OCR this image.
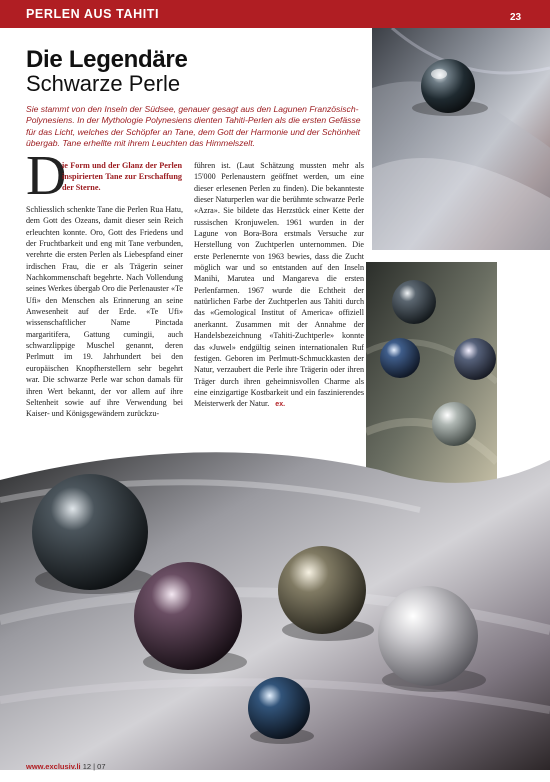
PERLEN AUS TAHITI	23
Die Legendäre
Schwarze Perle
Sie stammt von den Inseln der Südsee, genauer gesagt aus den Lagunen Französisch-Polynesiens. In der Mythologie Polynesiens dienten Tahiti-Perlen als die ersten Gefässe für das Licht, welches der Schöpfer an Tane, dem Gott der Harmonie und der Schönheit übergab. Tane erhellte mit ihrem Leuchten das Himmelszelt.
D
ie Form und der Glanz der Perlen inspirierten Tane zur Erschaffung der Sterne.
Schliesslich schenkte Tane die Perlen Rua Hatu, dem Gott des Ozeans, damit dieser sein Reich erleuchten konnte. Oro, Gott des Friedens und der Fruchtbarkeit und eng mit Tane verbunden, verehrte die ersten Perlen als Liebespfand einer irdischen Frau, die er als Trägerin seiner Nachkommenschaft begehrte. Nach Vollendung seines Werkes übergab Oro die Perlenauster «Te Ufi» den Menschen als Erinnerung an seine Anwesenheit auf der Erde. «Te Ufi» wissenschaftlicher Name Pinctada margaritifera, Gattung cumingii, auch schwarzlippige Muschel genannt, deren Perlmutt im 19. Jahrhundert bei den europäischen Knopfherstellern sehr begehrt war. Die schwarze Perle war schon damals für ihren Wert bekannt, der vor allem auf ihre Seltenheit sowie auf ihre Verwendung bei Kaiser- und Königsgewändern zurückzu-
führen ist. (Laut Schätzung mussten mehr als 15'000 Perlenaustern geöffnet werden, um eine dieser erlesenen Perlen zu finden). Die bekannteste dieser Naturperlen war die berühmte schwarze Perle «Azra». Sie bildete das Herzstück einer Kette der russischen Kronjuwelen. 1961 wurden in der Lagune von Bora-Bora erstmals Versuche zur Herstellung von Zuchtperlen unternommen. Die erste Perlenernte von 1963 bewies, dass die Zucht möglich war und so entstanden auf den Inseln Manihi, Marutea und Mangareva die ersten Perlenfarmen. 1967 wurde die Echtheit der natürlichen Farbe der Zuchtperlen aus Tahiti durch das «Gemological Institut of America» offiziell anerkannt. Zusammen mit der Annahme der Handelsbezeichnung «Tahiti-Zuchtperle» konnte das «Juwel» endgültig seinen internationalen Ruf festigen. Geboren im Perlmutt-Schmuckkasten der Natur, verzaubert die Perle ihre Trägerin oder ihren Träger durch ihren geheimnisvollen Charme als eine einzigartige Kostbarkeit und ein faszinierendes Meisterwerk der Natur. ex.
www.exclusiv.li 12 | 07
